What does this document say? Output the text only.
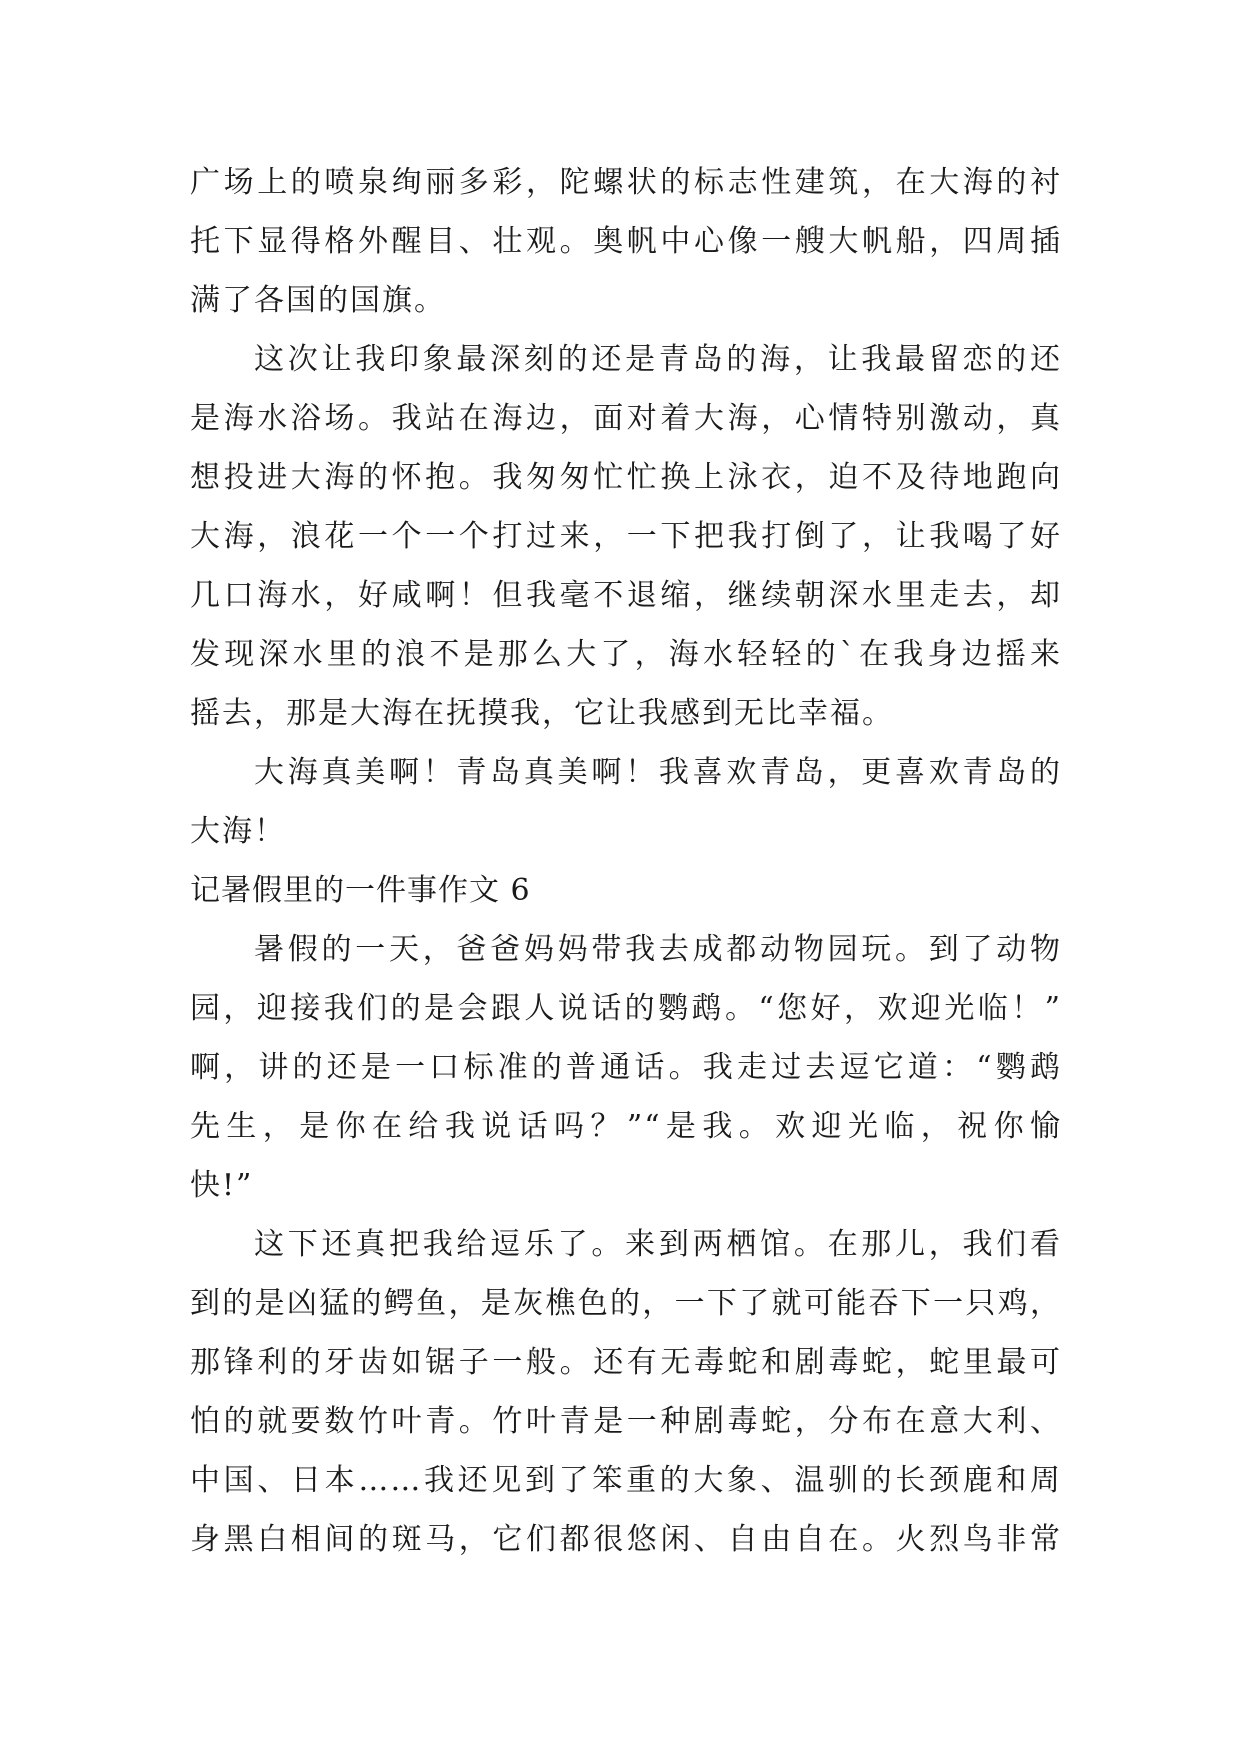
广场上的喷泉绚丽多彩，陀螺状的标志性建筑，在大海的衬
托下显得格外醒目、壮观。奥帆中心像一艘大帆船，四周插
满了各国的国旗。
这次让我印象最深刻的还是青岛的海，让我最留恋的还
是海水浴场。我站在海边，面对着大海，心情特别激动，真
想投进大海的怀抱。我匆匆忙忙换上泳衣，迫不及待地跑向
大海，浪花一个一个打过来，一下把我打倒了，让我喝了好
几口海水，好咸啊！但我毫不退缩，继续朝深水里走去，却
发现深水里的浪不是那么大了，海水轻轻的`在我身边摇来
摇去，那是大海在抚摸我，它让我感到无比幸福。
大海真美啊！青岛真美啊！我喜欢青岛，更喜欢青岛的
大海！
记暑假里的一件事作文 6
暑假的一天，爸爸妈妈带我去成都动物园玩。到了动物
园，迎接我们的是会跟人说话的鹦鹉。“您好，欢迎光临！”
啊，讲的还是一口标准的普通话。我走过去逗它道：“鹦鹉
先生，是你在给我说话吗？”“是我。欢迎光临，祝你愉
快!”
这下还真把我给逗乐了。来到两栖馆。在那儿，我们看
到的是凶猛的鳄鱼，是灰樵色的，一下了就可能吞下一只鸡，
那锋利的牙齿如锯子一般。还有无毒蛇和剧毒蛇，蛇里最可
怕的就要数竹叶青。竹叶青是一种剧毒蛇，分布在意大利、
中国、日本……我还见到了笨重的大象、温驯的长颈鹿和周
身黑白相间的斑马，它们都很悠闲、自由自在。火烈鸟非常
